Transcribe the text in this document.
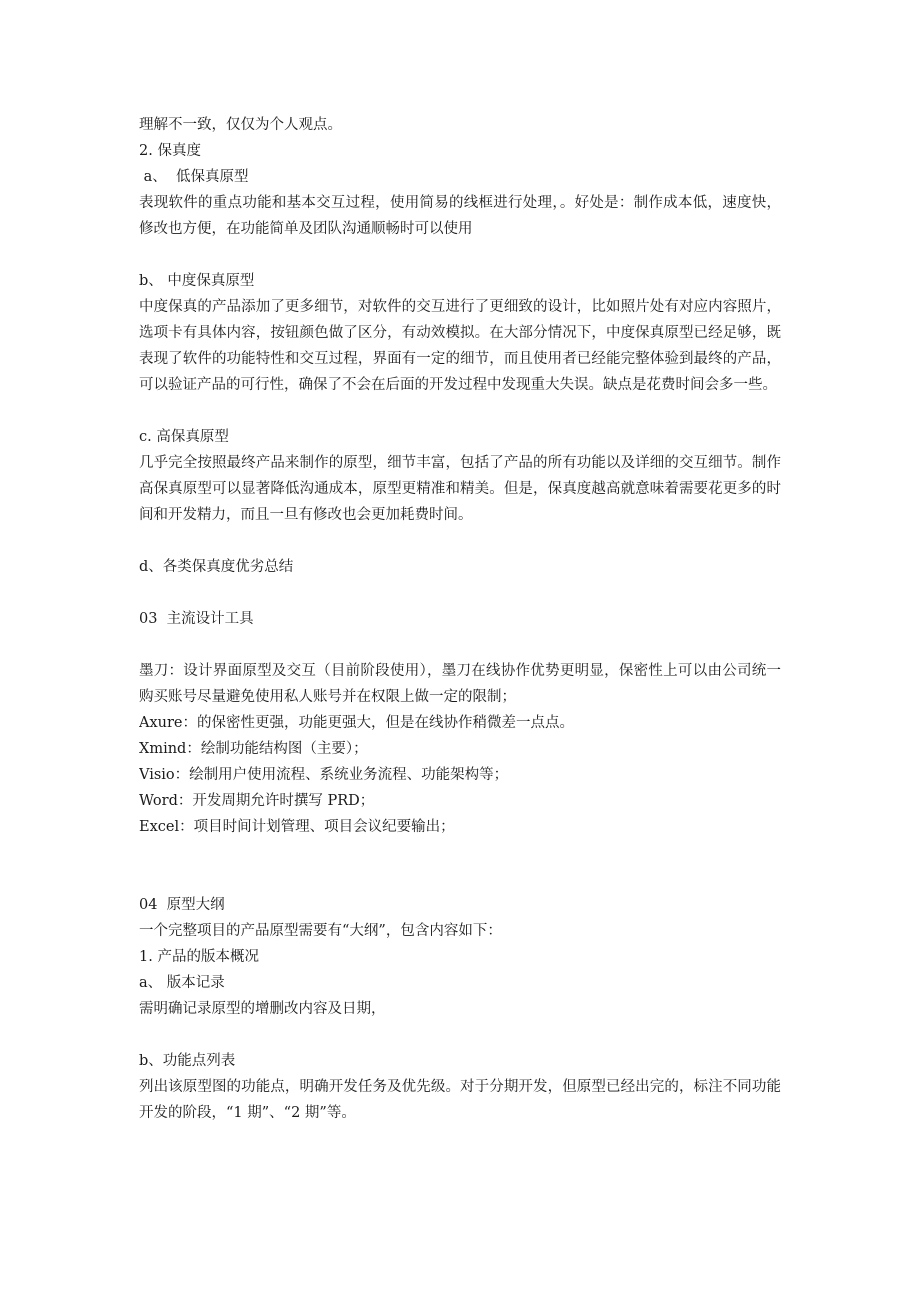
理解不一致，仅仅为个人观点。

2. 保真度

a、  低保真原型

表现软件的重点功能和基本交互过程，使用简易的线框进行处理，。好处是：制作成本低，速度快，修改也方便，在功能简单及团队沟通顺畅时可以使用

b、 中度保真原型

中度保真的产品添加了更多细节，对软件的交互进行了更细致的设计，比如照片处有对应内容照片，选项卡有具体内容，按钮颜色做了区分，有动效模拟。在大部分情况下，中度保真原型已经足够，既表现了软件的功能特性和交互过程，界面有一定的细节，而且使用者已经能完整体验到最终的产品，可以验证产品的可行性，确保了不会在后面的开发过程中发现重大失误。缺点是花费时间会多一些。

c. 高保真原型

几乎完全按照最终产品来制作的原型，细节丰富，包括了产品的所有功能以及详细的交互细节。制作高保真原型可以显著降低沟通成本，原型更精准和精美。但是，保真度越高就意味着需要花更多的时间和开发精力，而且一旦有修改也会更加耗费时间。

d、各类保真度优劣总结

03  主流设计工具

墨刀：设计界面原型及交互（目前阶段使用），墨刀在线协作优势更明显，保密性上可以由公司统一购买账号尽量避免使用私人账号并在权限上做一定的限制；

Axure：的保密性更强，功能更强大，但是在线协作稍微差一点点。

Xmind：绘制功能结构图（主要）；

Visio：绘制用户使用流程、系统业务流程、功能架构等；

Word：开发周期允许时撰写 PRD；

Excel：项目时间计划管理、项目会议纪要输出；

04  原型大纲

一个完整项目的产品原型需要有“大纲”，包含内容如下：

1. 产品的版本概况

a、 版本记录

需明确记录原型的增删改内容及日期，

b、功能点列表

列出该原型图的功能点，明确开发任务及优先级。对于分期开发，但原型已经出完的，标注不同功能开发的阶段，“1 期”、“2 期”等。
